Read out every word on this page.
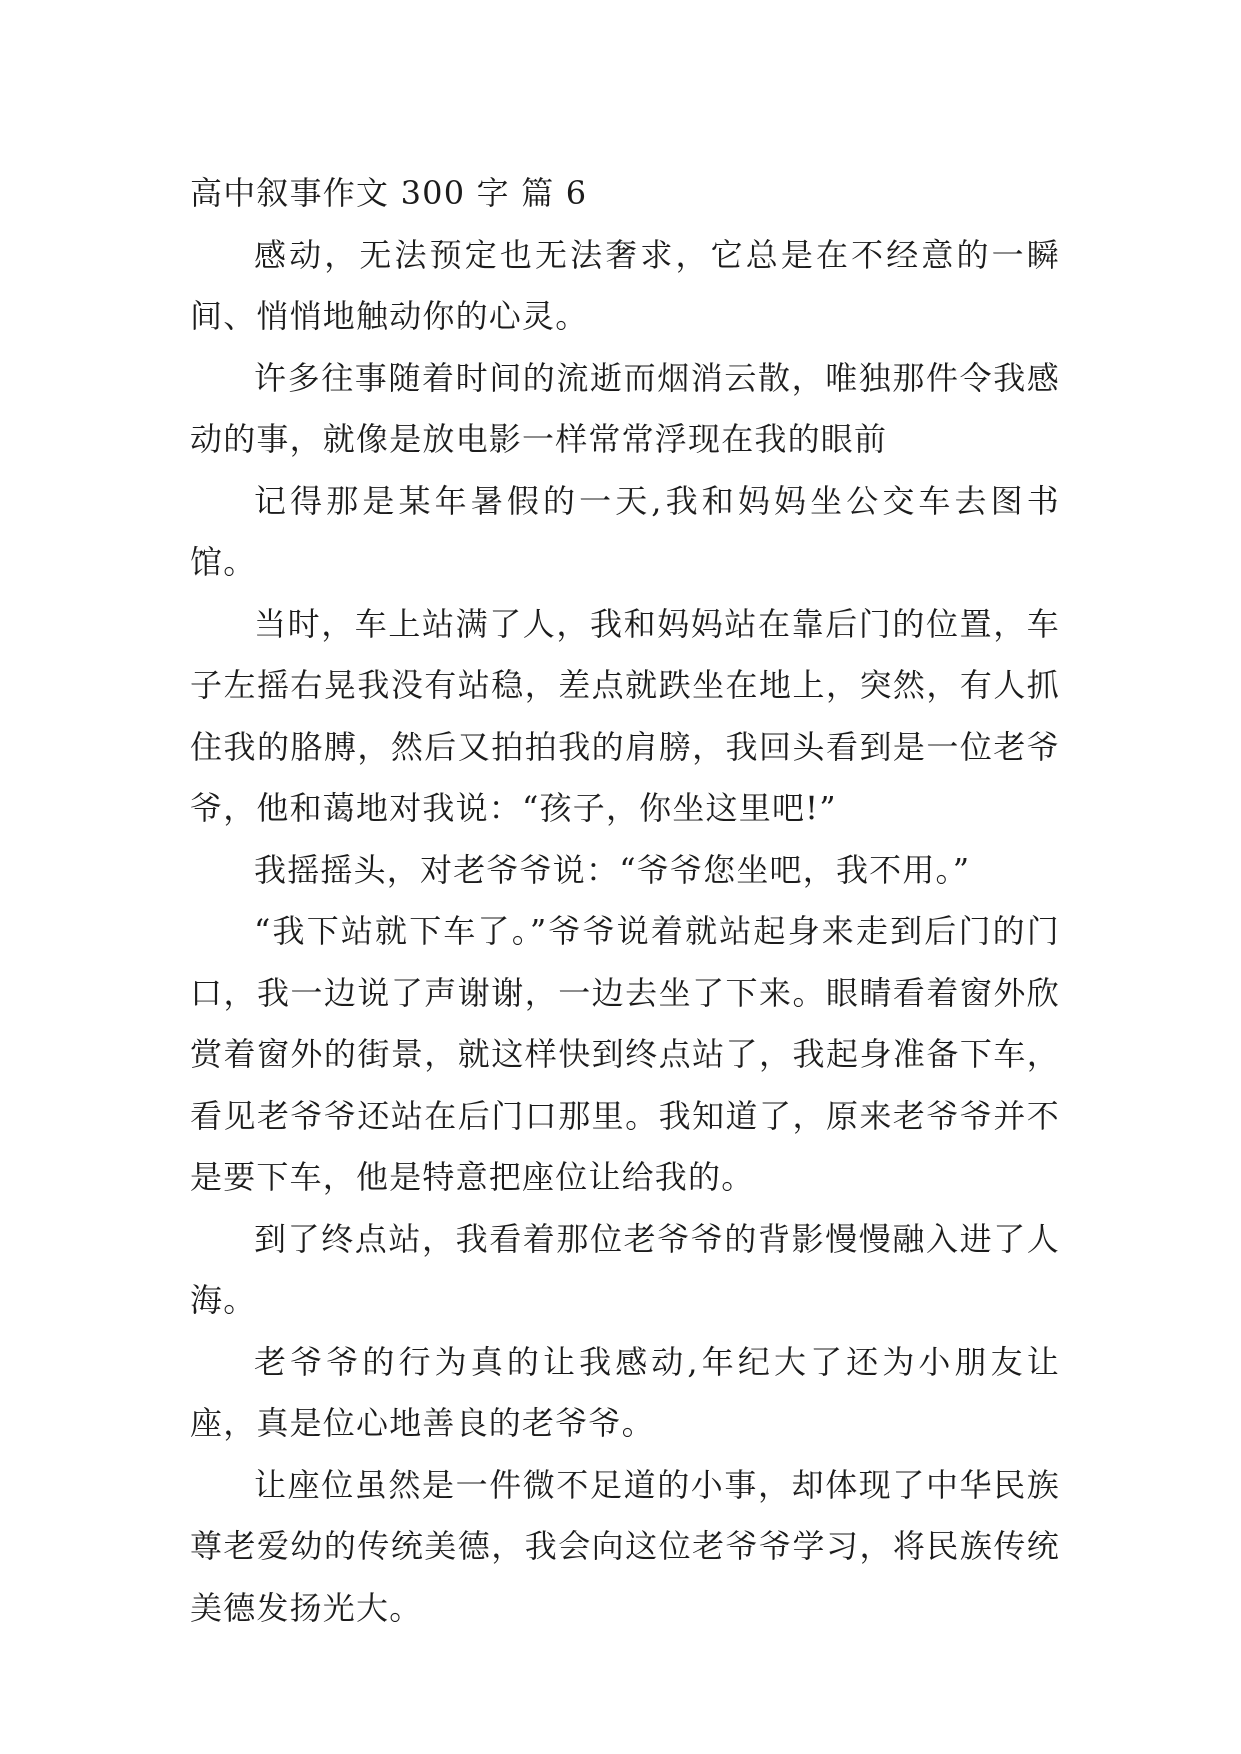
高中叙事作文 300 字 篇 6

感动，无法预定也无法奢求，它总是在不经意的一瞬间、悄悄地触动你的心灵。

许多往事随着时间的流逝而烟消云散，唯独那件令我感动的事，就像是放电影一样常常浮现在我的眼前

记得那是某年暑假的一天,我和妈妈坐公交车去图书馆。

当时，车上站满了人，我和妈妈站在靠后门的位置，车子左摇右晃我没有站稳，差点就跌坐在地上，突然，有人抓住我的胳膊，然后又拍拍我的肩膀，我回头看到是一位老爷爷，他和蔼地对我说：“孩子，你坐这里吧!”

我摇摇头，对老爷爷说：“爷爷您坐吧，我不用。”

“我下站就下车了。”爷爷说着就站起身来走到后门的门口，我一边说了声谢谢，一边去坐了下来。眼睛看着窗外欣赏着窗外的街景，就这样快到终点站了，我起身准备下车，看见老爷爷还站在后门口那里。我知道了，原来老爷爷并不是要下车，他是特意把座位让给我的。

到了终点站，我看着那位老爷爷的背影慢慢融入进了人海。

老爷爷的行为真的让我感动,年纪大了还为小朋友让座，真是位心地善良的老爷爷。

让座位虽然是一件微不足道的小事，却体现了中华民族尊老爱幼的传统美德，我会向这位老爷爷学习，将民族传统美德发扬光大。
